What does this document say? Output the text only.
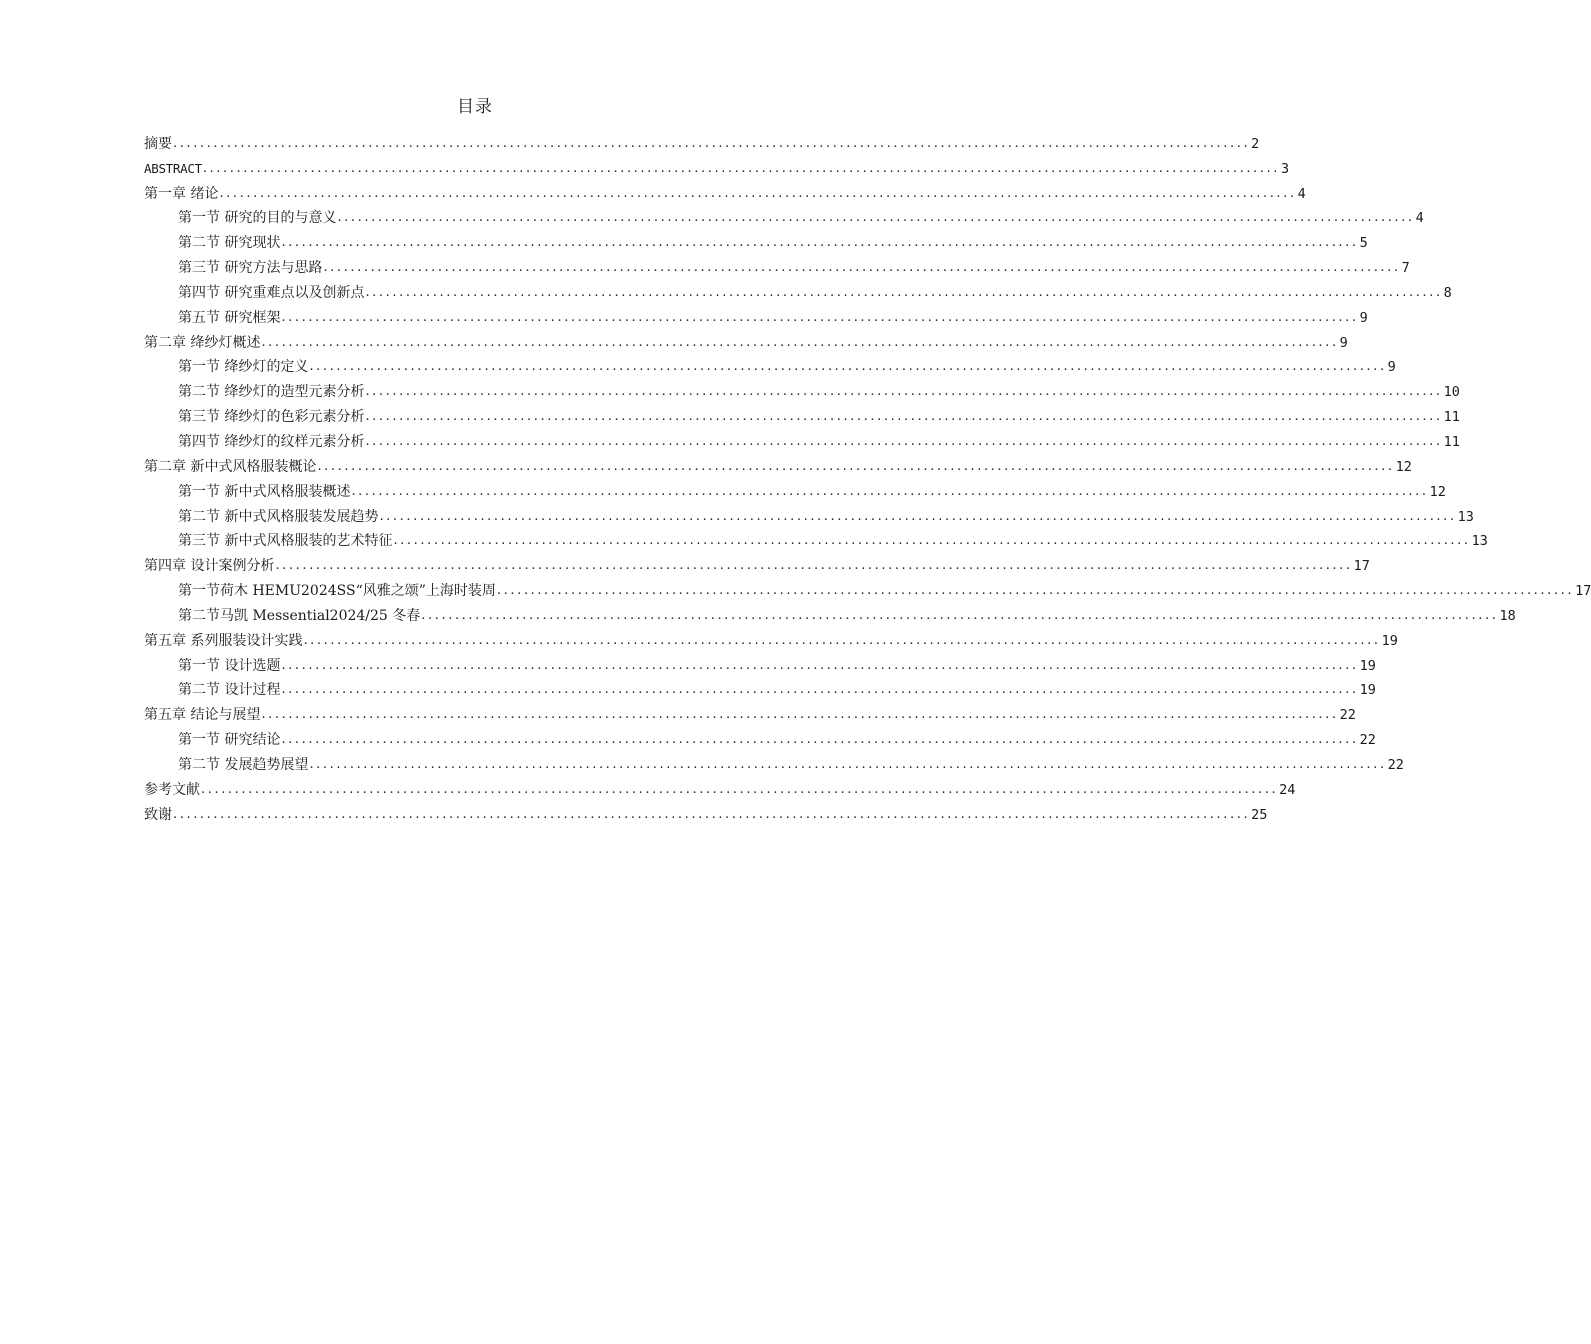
目录
摘要 ................................................................................................................................................................ 2
ABSTRACT ................................................................................................................................................................ 3
第一章 绪论 ................................................................................................................................................................ 4
第一节 研究的目的与意义 ................................................................................................................................................................ 4
第二节 研究现状 ................................................................................................................................................................ 5
第三节 研究方法与思路 ................................................................................................................................................................ 7
第四节 研究重难点以及创新点 ................................................................................................................................................................ 8
第五节 研究框架 ................................................................................................................................................................ 9
第二章 绛纱灯概述 ................................................................................................................................................................ 9
第一节 绛纱灯的定义 ................................................................................................................................................................ 9
第二节 绛纱灯的造型元素分析 ................................................................................................................................................................ 10
第三节 绛纱灯的色彩元素分析 ................................................................................................................................................................ 11
第四节 绛纱灯的纹样元素分析 ................................................................................................................................................................ 11
第二章 新中式风格服装概论 ................................................................................................................................................................ 12
第一节 新中式风格服装概述 ................................................................................................................................................................ 12
第二节 新中式风格服装发展趋势 ................................................................................................................................................................ 13
第三节 新中式风格服装的艺术特征 ................................................................................................................................................................ 13
第四章 设计案例分析 ................................................................................................................................................................ 17
第一节荷木 HEMU2024SS“风雅之颂”上海时装周 ................................................................................................................................................................ 17
第二节马凯 Messential2024/25 冬春 ................................................................................................................................................................ 18
第五章 系列服装设计实践 ................................................................................................................................................................ 19
第一节 设计选题 ................................................................................................................................................................ 19
第二节 设计过程 ................................................................................................................................................................ 19
第五章 结论与展望 ................................................................................................................................................................ 22
第一节 研究结论 ................................................................................................................................................................ 22
第二节 发展趋势展望 ................................................................................................................................................................ 22
参考文献 ................................................................................................................................................................ 24
致谢 ................................................................................................................................................................ 25
